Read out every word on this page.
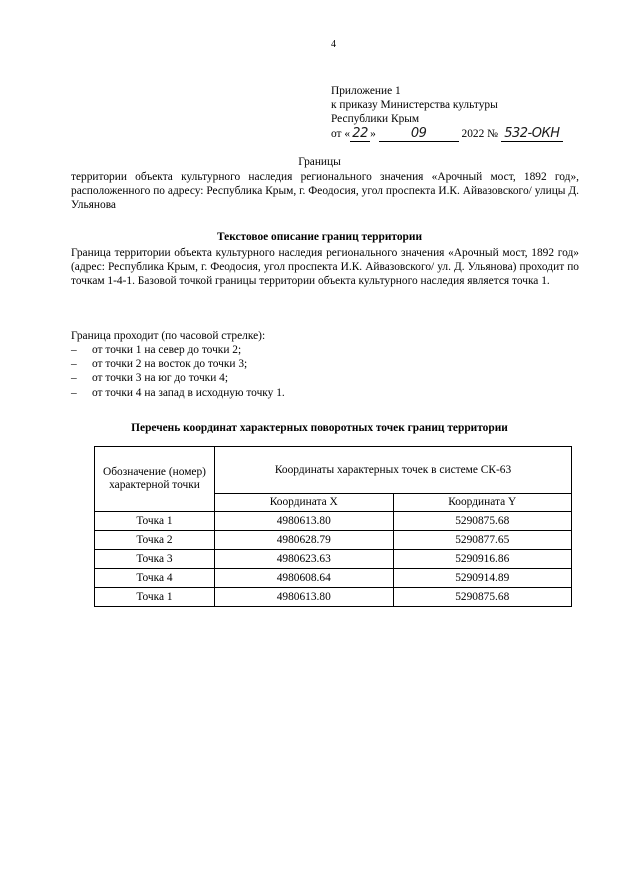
4
Приложение 1
к приказу Министерства культуры
Республики Крым
от « 22 »	09	2022 № 532-ОКН
Границы
территории объекта культурного наследия регионального значения «Арочный мост, 1892 год», расположенного по адресу: Республика Крым, г. Феодосия, угол проспекта И.К. Айвазовского/ улицы Д. Ульянова
Текстовое описание границ территории
Граница территории объекта культурного наследия регионального значения «Арочный мост, 1892 год» (адрес: Республика Крым, г. Феодосия, угол проспекта И.К. Айвазовского/ ул. Д. Ульянова) проходит по точкам 1-4-1. Базовой точкой границы территории объекта культурного наследия является точка 1.
Граница проходит (по часовой стрелке):
– от точки 1 на север до точки 2;
– от точки 2 на восток до точки 3;
– от точки 3 на юг до точки 4;
– от точки 4 на запад в исходную точку 1.
Перечень координат характерных поворотных точек границ территории
Обозначение (номер) характерной точки	Координаты характерных точек в системе СК-63	
	Координата X	Координата Y
Точка 1	4980613.80	5290875.68
Точка 2	4980628.79	5290877.65
Точка 3	4980623.63	5290916.86
Точка 4	4980608.64	5290914.89
Точка 1	4980613.80	5290875.68
